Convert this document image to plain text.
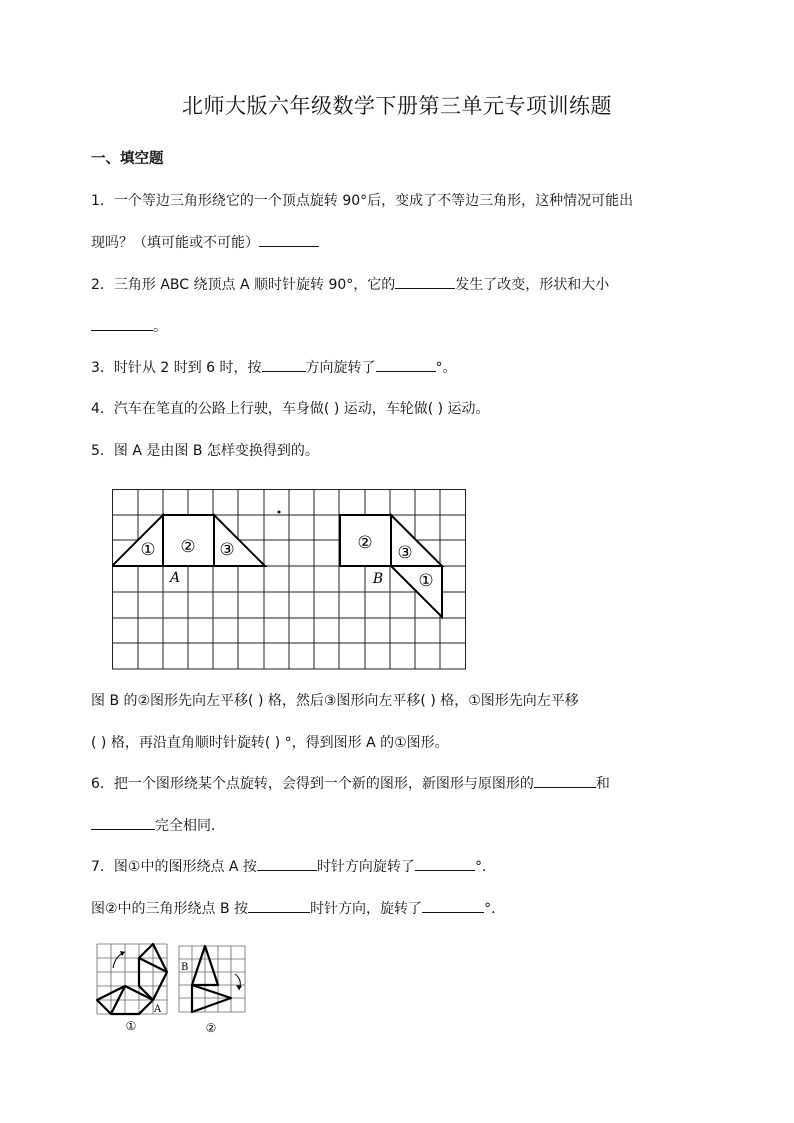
北师大版六年级数学下册第三单元专项训练题
一、填空题
1．一个等边三角形绕它的一个顶点旋转 90°后，变成了不等边三角形，这种情况可能出
现吗？（填可能或不可能）
2．三角形 ABC 绕顶点 A 顺时针旋转 90°，它的	发生了改变，形状和大小
。
3．时针从 2 时到 6 时，按	方向旋转了	°。
4．汽车在笔直的公路上行驶，车身做( ) 运动，车轮做( ) 运动。
5．图 A 是由图 B 怎样变换得到的。
① ② ③
A
② ③
①
B
图 B 的②图形先向左平移( ) 格，然后③图形向左平移( ) 格，①图形先向左平移
( ) 格，再沿直角顺时针旋转( ) °，得到图形 A 的①图形。
6．把一个图形绕某个点旋转，会得到一个新的图形，新图形与原图形的	和
完全相同．
7．图①中的图形绕点 A 按	时针方向旋转了	°．
图②中的三角形绕点 B 按	时针方向，旋转了	°．
A
①
B
②
